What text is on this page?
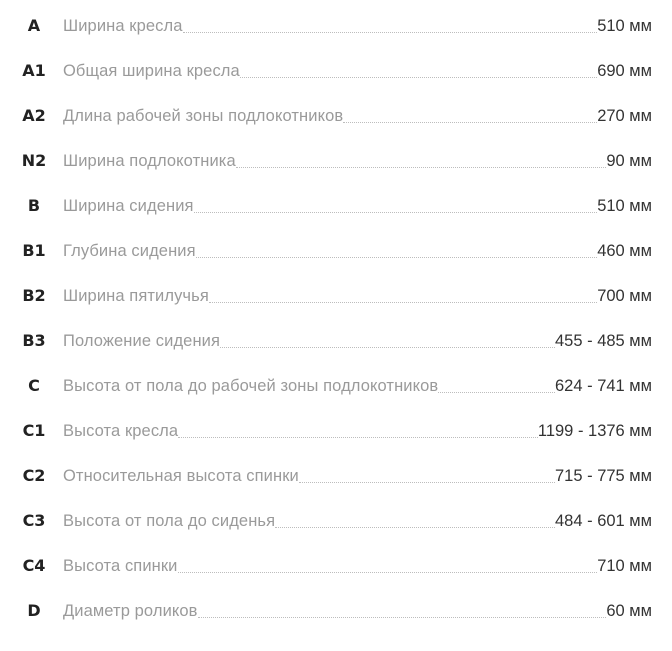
A	Ширина кресла	510 мм
A1	Общая ширина кресла	690 мм
A2	Длина рабочей зоны подлокотников	270 мм
N2	Ширина подлокотника	90 мм
B	Ширина сидения	510 мм
B1	Глубина сидения	460 мм
B2	Ширина пятилучья	700 мм
B3	Положение сидения	455 - 485 мм
C	Высота от пола до рабочей зоны подлокотников	624 - 741 мм
C1	Высота кресла	1199 - 1376 мм
C2	Относительная высота спинки	715 - 775 мм
C3	Высота от пола до сиденья	484 - 601 мм
C4	Высота спинки	710 мм
D	Диаметр роликов	60 мм
